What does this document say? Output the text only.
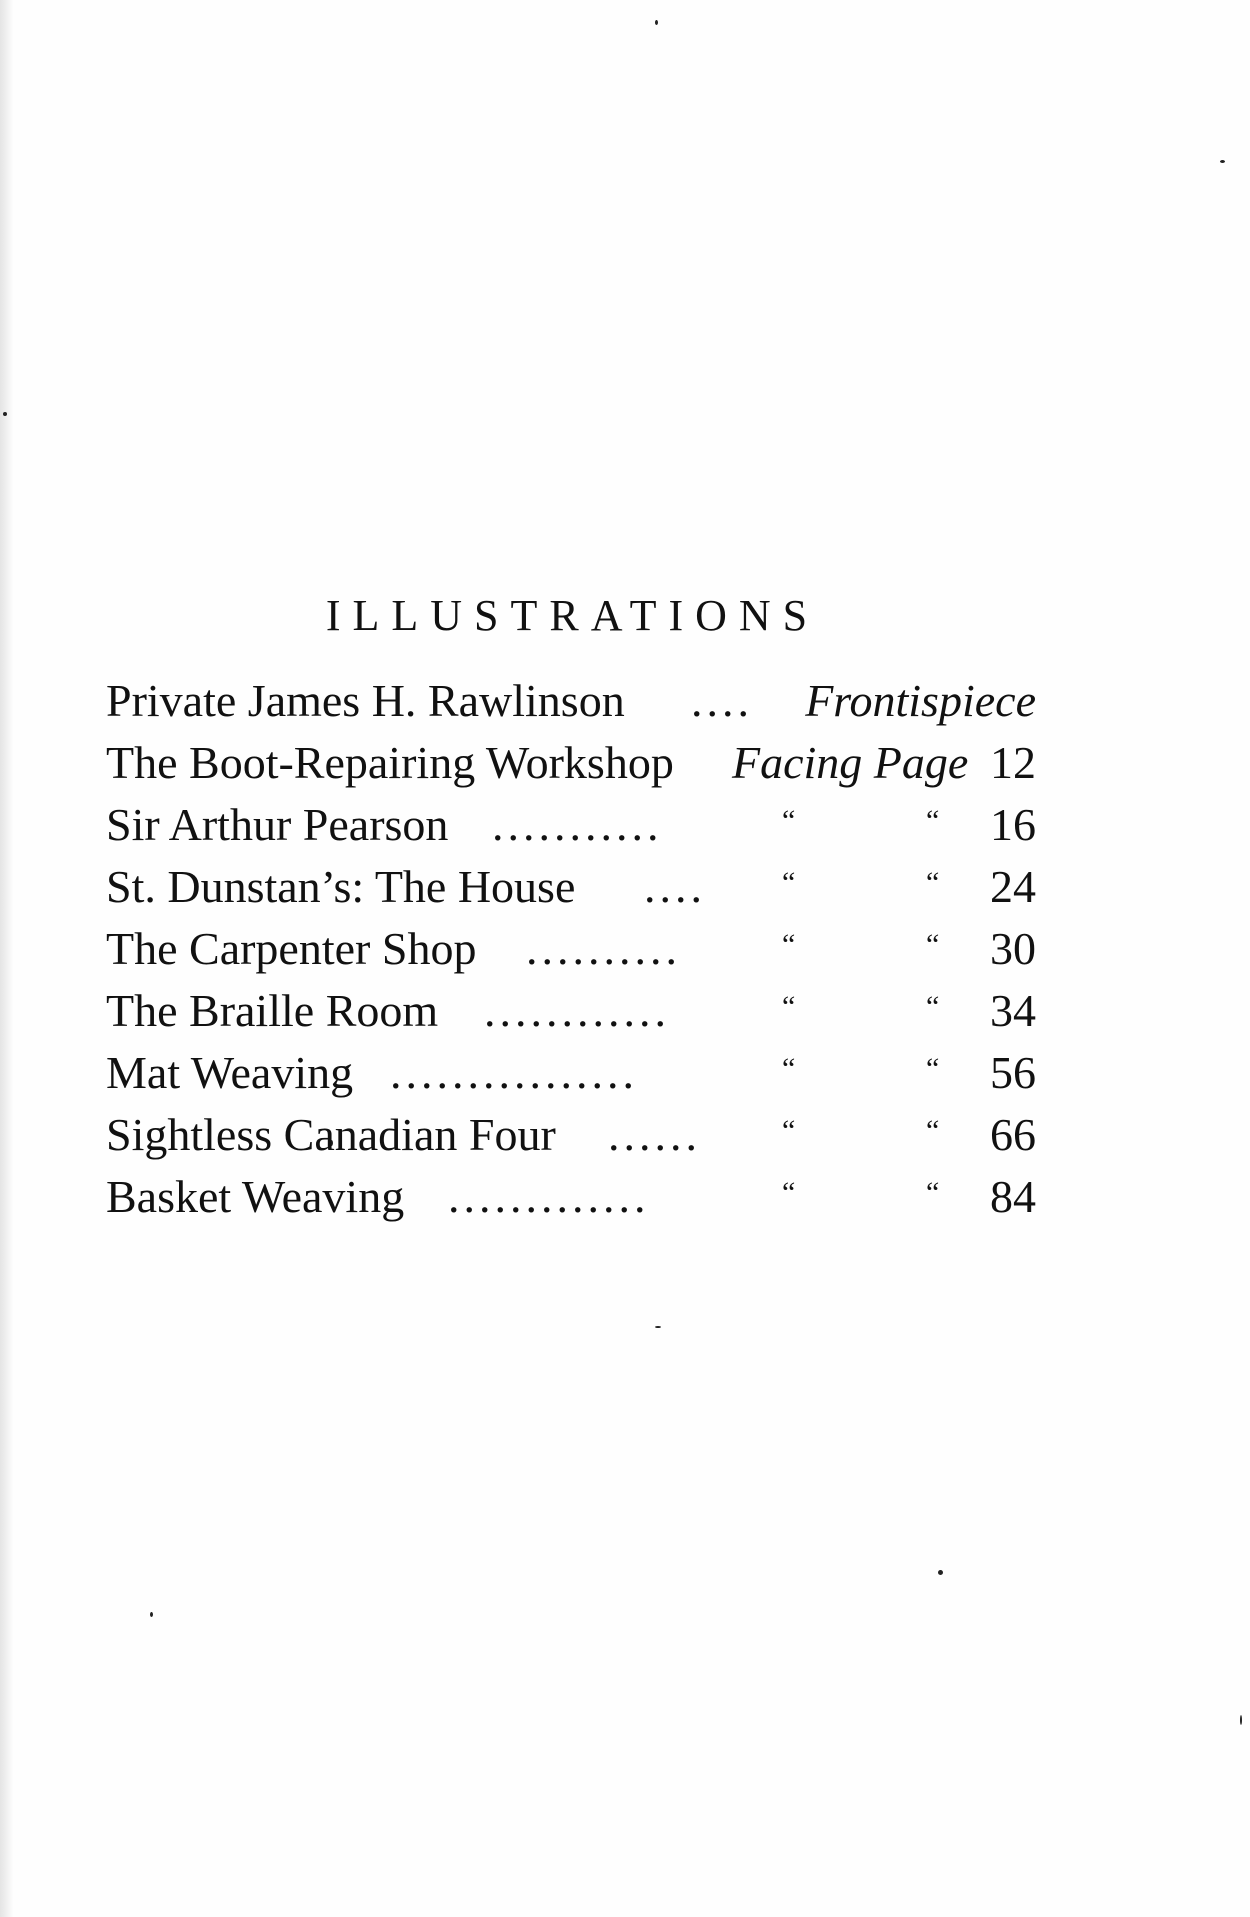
ILLUSTRATIONS
Private James H. Rawlinson .... Frontispiece
The Boot-Repairing Workshop Facing Page 12
Sir Arthur Pearson ...........	“	“ 16
St. Dunstan’s: The House ....	“	“ 24
The Carpenter Shop ..........	“	“ 30
The Braille Room ............	“	“ 34
Mat Weaving ................	“	“ 56
Sightless Canadian Four ......	“	“ 66
Basket Weaving .............	“	“ 84
